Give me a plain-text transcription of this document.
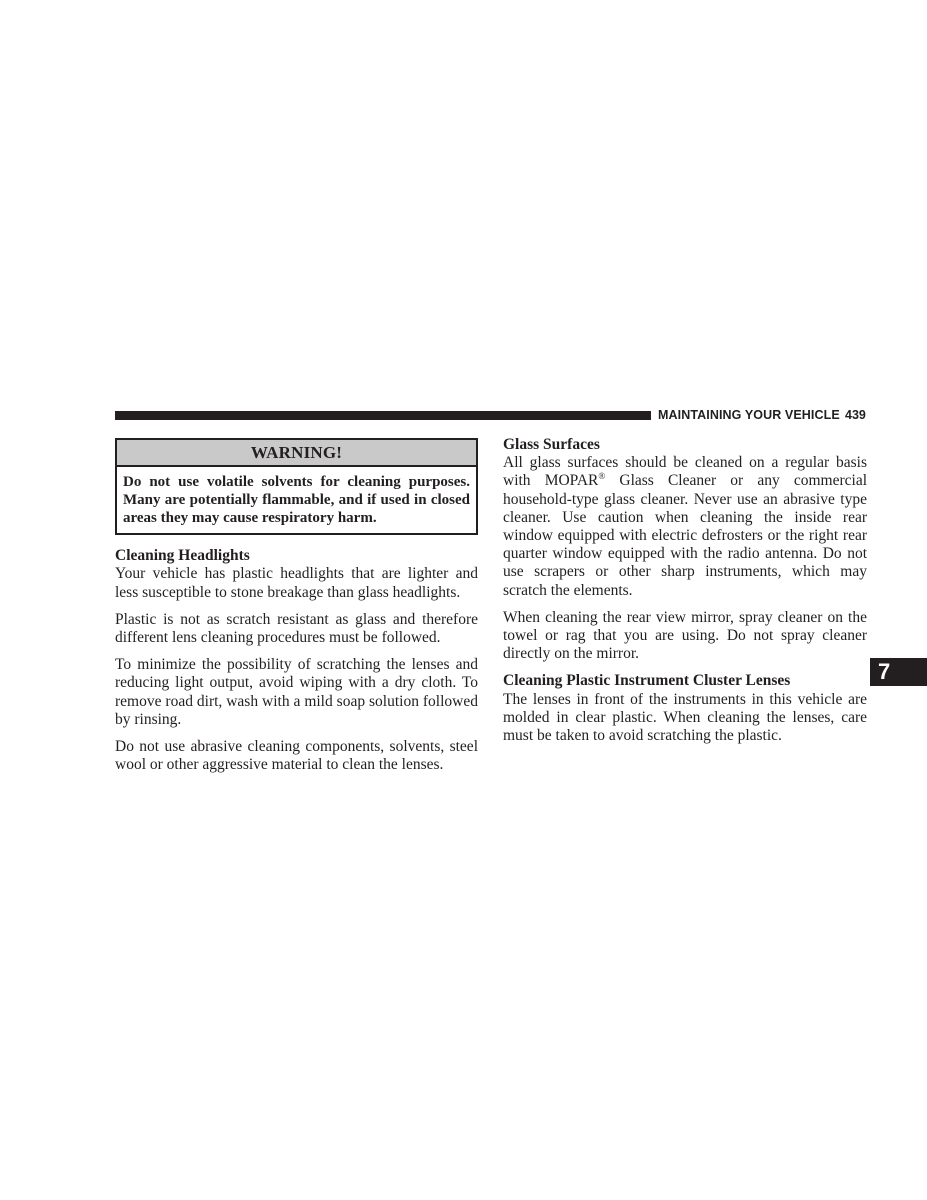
MAINTAINING YOUR VEHICLE 439
WARNING!
Do not use volatile solvents for cleaning purposes. Many are potentially flammable, and if used in closed areas they may cause respiratory harm.
Cleaning Headlights

Your vehicle has plastic headlights that are lighter and less susceptible to stone breakage than glass headlights.

Plastic is not as scratch resistant as glass and therefore different lens cleaning procedures must be followed.

To minimize the possibility of scratching the lenses and reducing light output, avoid wiping with a dry cloth. To remove road dirt, wash with a mild soap solution followed by rinsing.

Do not use abrasive cleaning components, solvents, steel wool or other aggressive material to clean the lenses.

Glass Surfaces

All glass surfaces should be cleaned on a regular basis with MOPAR® Glass Cleaner or any commercial household-type glass cleaner. Never use an abrasive type cleaner. Use caution when cleaning the inside rear window equipped with electric defrosters or the right rear quarter window equipped with the radio antenna. Do not use scrapers or other sharp instruments, which may scratch the elements.

When cleaning the rear view mirror, spray cleaner on the towel or rag that you are using. Do not spray cleaner directly on the mirror.

Cleaning Plastic Instrument Cluster Lenses

The lenses in front of the instruments in this vehicle are molded in clear plastic. When cleaning the lenses, care must be taken to avoid scratching the plastic.

7
